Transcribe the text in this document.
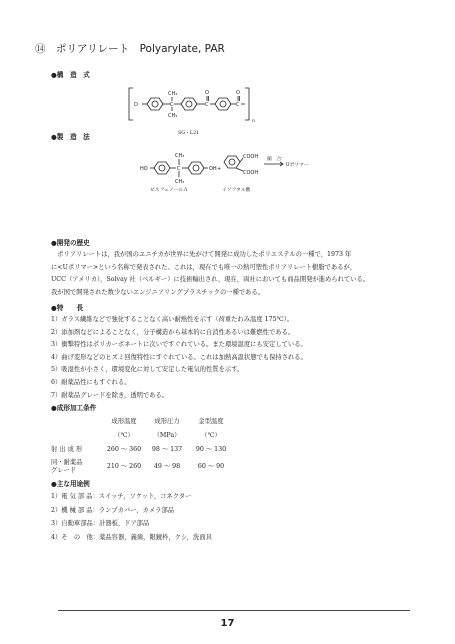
⑭　ポリアリレート　Polyarylate, PAR
●構　造　式
O	C
CH₃
CH₃
C
O
C
O
n
SG・L21
●製　造　法
HO	C
CH₃
CH₃
OH +
COOH
COOH
縮　合
Uポリマー
ビスフェノールＡ	イソフタル酸
●開発の歴史
　ポリアリレートは，我が国のユニチカが世界に先がけて開発に成功したポリエステルの一種で，1973 年
に<Uポリマー>という名称で発表された。これは，現在でも唯一の熱可塑性ポリアリレート樹脂であるが，
UCC（アメリカ），Solvay 社（ベルギー）に技術輸出され，現在，両社においても商品開発が進められている。
我が国で開発された数少ないエンジニアリングプラスチックの一種である。
●特　　長
1）ガラス繊維などで強化することなく高い耐熱性を示す（荷重たわみ温度 175℃）。
2）添加剤などによることなく，分子構造から基本的に自消性あるいは難燃性である。
3）衝撃特性はポリカーボネートに次いですぐれている。また環境温度にも安定している。
4）曲げ変形などのヒズミ回復特性にすぐれている。これは加熱高温状態でも保持される。
5）吸湿性が小さく，環境変化に対して安定した電気的性質を示す。
6）耐薬品性にもすぐれる。
7）耐薬品グレードを除き，透明である。
●成形加工条件
	成形温度	成形圧力	金型温度
	（℃）	（MPa）	（℃）
射 出 成 形	260 ～ 360	98 ～ 137	90 ～ 130

同・耐薬品
グレード	210 ～ 260	49 ～ 98	60 ～ 90
●主な用途例
1）電 気 部 品：スイッチ，ソケット，コネクター
2）機 械 部 品：ランプカバー，カメラ部品
3）自動車部品：計器板，ドア部品
4）そ　の　他：薬品容器，義歯，眼鏡枠，クシ，洗面具
17
